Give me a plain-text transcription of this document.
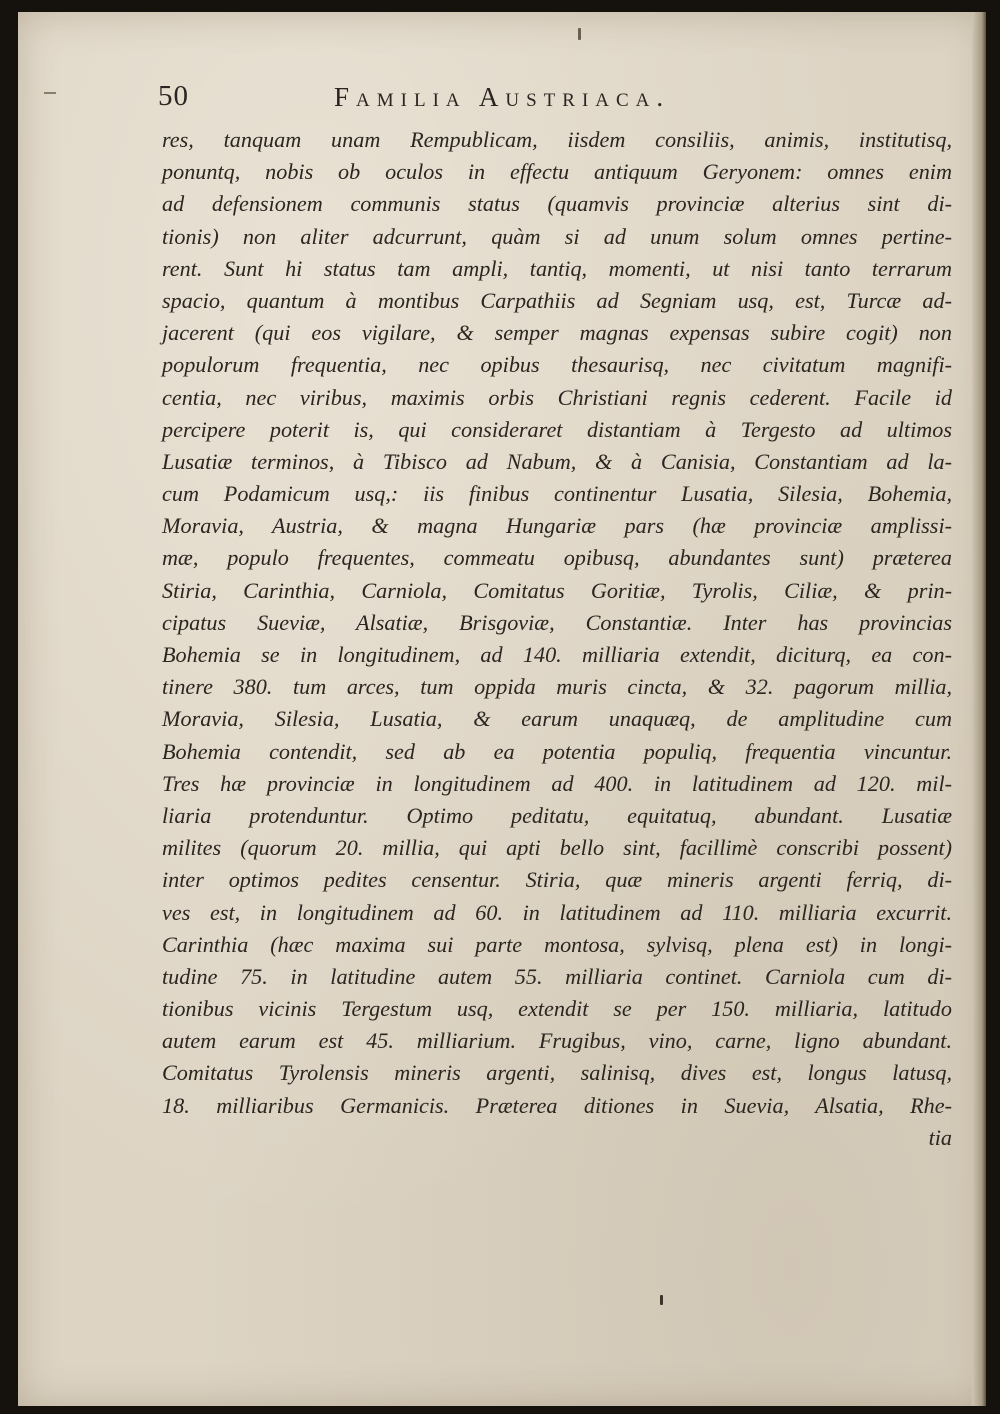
50	Familia Austriaca.
res, tanquam unam Rempublicam, iisdem consiliis, animis, institutisq,
ponuntq, nobis ob oculos in effectu antiquum Geryonem: omnes enim
ad defensionem communis status (quamvis provinciæ alterius sint di-
tionis) non aliter adcurrunt, quàm si ad unum solum omnes pertine-
rent. Sunt hi status tam ampli, tantiq, momenti, ut nisi tanto terrarum
spacio, quantum à montibus Carpathiis ad Segniam usq, est, Turcæ ad-
jacerent (qui eos vigilare, & semper magnas expensas subire cogit) non
populorum frequentia, nec opibus thesaurisq, nec civitatum magnifi-
centia, nec viribus, maximis orbis Christiani regnis cederent. Facile id
percipere poterit is, qui consideraret distantiam à Tergesto ad ultimos
Lusatiæ terminos, à Tibisco ad Nabum, & à Canisia, Constantiam ad la-
cum Podamicum usq,: iis finibus continentur Lusatia, Silesia, Bohemia,
Moravia, Austria, & magna Hungariæ pars (hæ provinciæ amplissi-
mæ, populo frequentes, commeatu opibusq, abundantes sunt) præterea
Stiria, Carinthia, Carniola, Comitatus Goritiæ, Tyrolis, Ciliæ, & prin-
cipatus Sueviæ, Alsatiæ, Brisgoviæ, Constantiæ. Inter has provincias
Bohemia se in longitudinem, ad 140. milliaria extendit, diciturq, ea con-
tinere 380. tum arces, tum oppida muris cincta, & 32. pagorum millia,
Moravia, Silesia, Lusatia, & earum unaquæq, de amplitudine cum
Bohemia contendit, sed ab ea potentia populiq, frequentia vincuntur.
Tres hæ provinciæ in longitudinem ad 400. in latitudinem ad 120. mil-
liaria protenduntur. Optimo peditatu, equitatuq, abundant. Lusatiæ
milites (quorum 20. millia, qui apti bello sint, facillimè conscribi possent)
inter optimos pedites censentur. Stiria, quæ mineris argenti ferriq, di-
ves est, in longitudinem ad 60. in latitudinem ad 110. milliaria excurrit.
Carinthia (hæc maxima sui parte montosa, sylvisq, plena est) in longi-
tudine 75. in latitudine autem 55. milliaria continet. Carniola cum di-
tionibus vicinis Tergestum usq, extendit se per 150. milliaria, latitudo
autem earum est 45. milliarium. Frugibus, vino, carne, ligno abundant.
Comitatus Tyrolensis mineris argenti, salinisq, dives est, longus latusq,
18. milliaribus Germanicis. Præterea ditiones in Suevia, Alsatia, Rhe-
tia
